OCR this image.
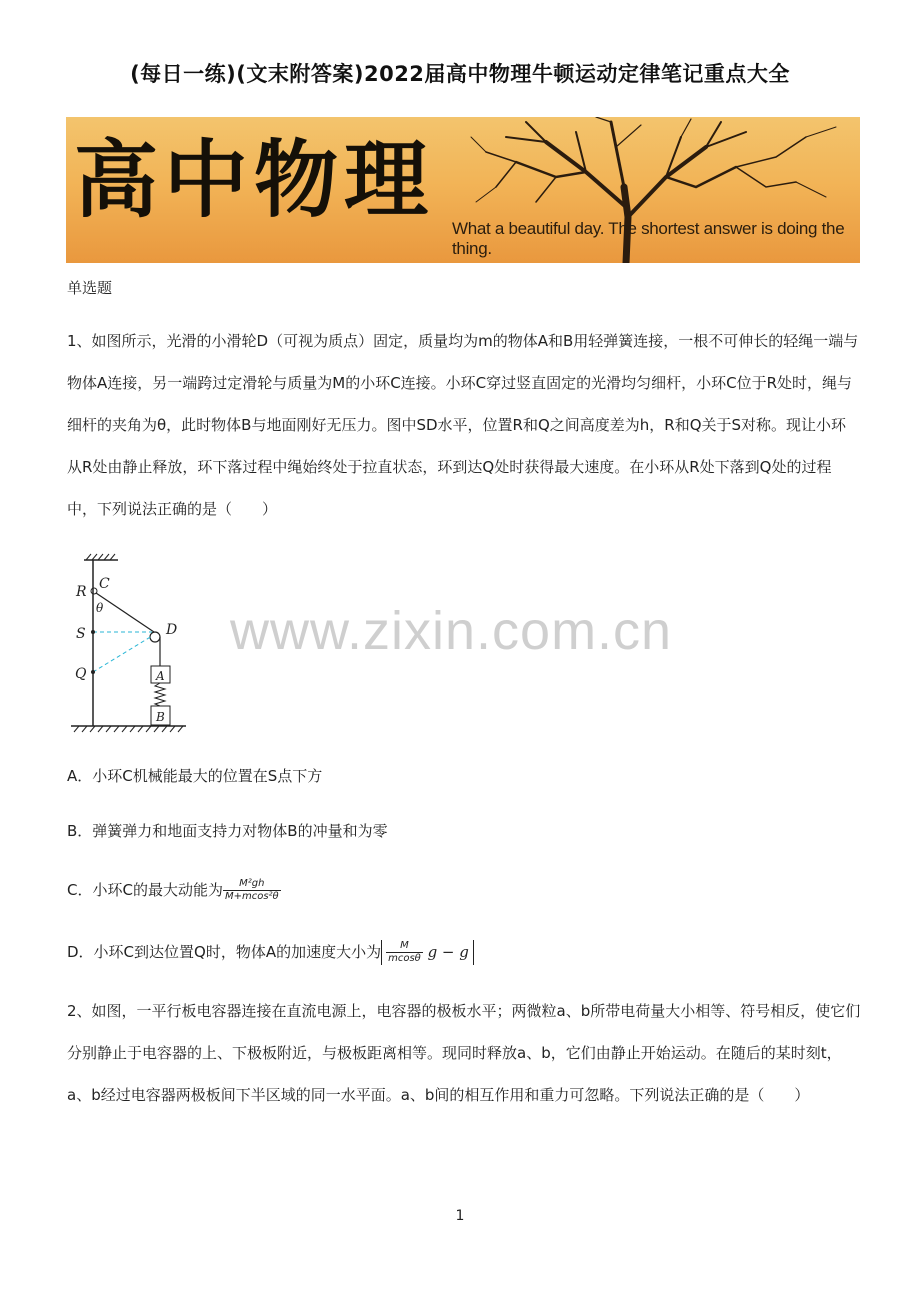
(每日一练)(文末附答案)2022届高中物理牛顿运动定律笔记重点大全
高中物理 What a beautiful day. The shortest answer is doing the thing.
单选题
1、如图所示，光滑的小滑轮D（可视为质点）固定，质量均为m的物体A和B用轻弹簧连接，一根不可伸长的轻绳一端与物体A连接，另一端跨过定滑轮与质量为M的小环C连接。小环C穿过竖直固定的光滑均匀细杆，小环C位于R处时，绳与细杆的夹角为θ，此时物体B与地面刚好无压力。图中SD水平，位置R和Q之间高度差为h，R和Q关于S对称。现让小环从R处由静止释放，环下落过程中绳始终处于拉直状态，环到达Q处时获得最大速度。在小环从R处下落到Q处的过程中，下列说法正确的是（　　）
R C
θ
S	D
Q	A
B
www.zixin.com.cn
A．小环C机械能最大的位置在S点下方
B．弹簧弹力和地面支持力对物体B的冲量和为零
C．小环C的最大动能为 $\frac{\text{M²gh}}{\text{M+mcos²θ}}$
D．小环C到达位置Q时，物体A的加速度大小为 $\frac{M}{mcos\theta}$ g − g
2、如图，一平行板电容器连接在直流电源上，电容器的极板水平；两微粒a、b所带电荷量大小相等、符号相反，使它们分别静止于电容器的上、下极板附近，与极板距离相等。现同时释放a、b，它们由静止开始运动。在随后的某时刻t，a、b经过电容器两极板间下半区域的同一水平面。a、b间的相互作用和重力可忽略。下列说法正确的是（　　）
1
